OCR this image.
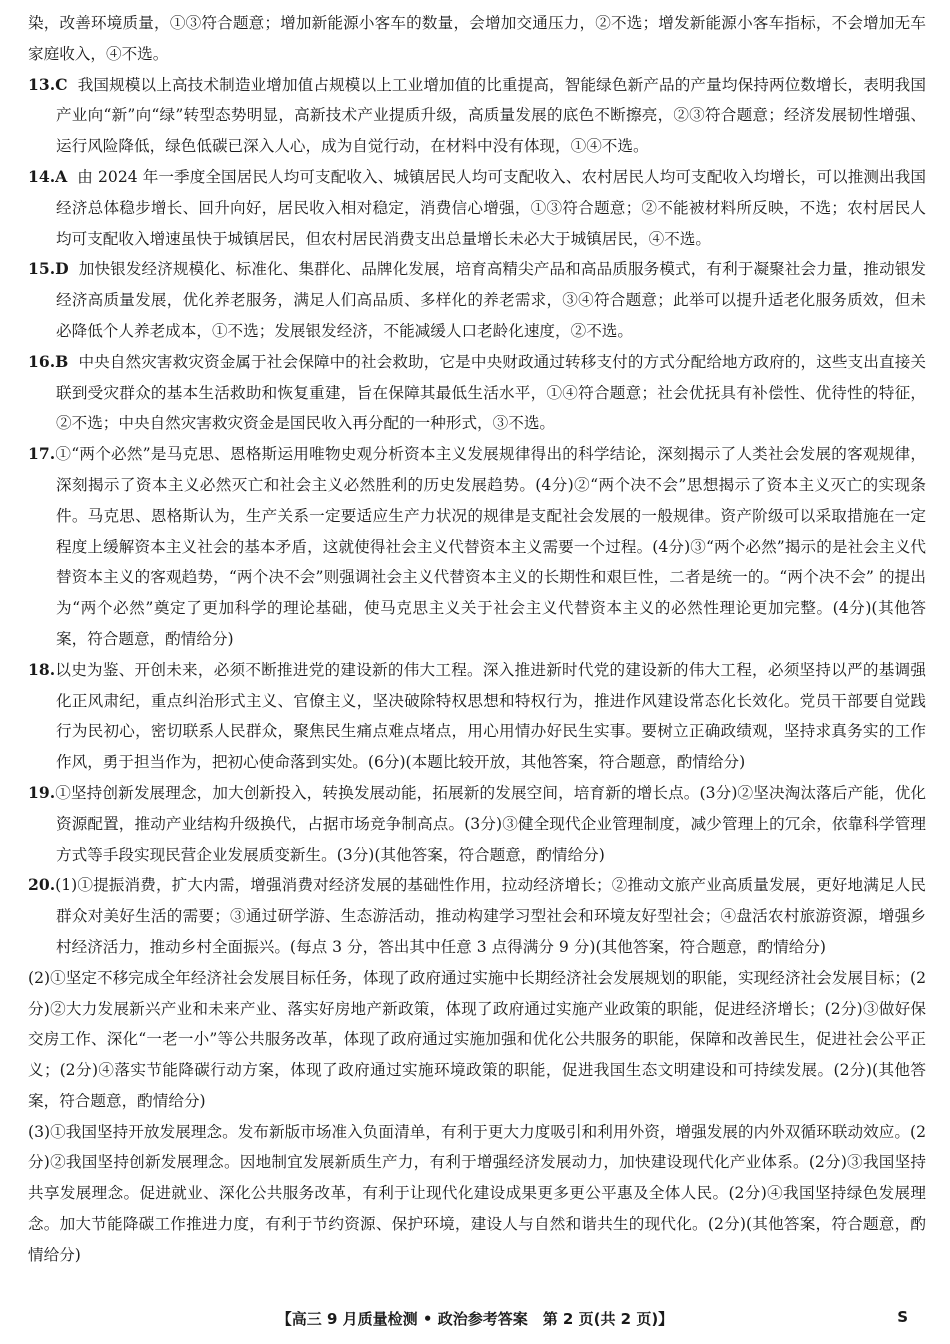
染，改善环境质量，①③符合题意；增加新能源小客车的数量，会增加交通压力，②不选；增发新能源小客车指标，不会增加无车家庭收入，④不选。

13.C 我国规模以上高技术制造业增加值占规模以上工业增加值的比重提高，智能绿色新产品的产量均保持两位数增长，表明我国产业向“新”向“绿”转型态势明显，高新技术产业提质升级，高质量发展的底色不断擦亮，②③符合题意；经济发展韧性增强、运行风险降低，绿色低碳已深入人心，成为自觉行动，在材料中没有体现，①④不选。

14.A 由 2024 年一季度全国居民人均可支配收入、城镇居民人均可支配收入、农村居民人均可支配收入均增长，可以推测出我国经济总体稳步增长、回升向好，居民收入相对稳定，消费信心增强，①③符合题意；②不能被材料所反映，不选；农村居民人均可支配收入增速虽快于城镇居民，但农村居民消费支出总量增长未必大于城镇居民，④不选。

15.D 加快银发经济规模化、标准化、集群化、品牌化发展，培育高精尖产品和高品质服务模式，有利于凝聚社会力量，推动银发经济高质量发展，优化养老服务，满足人们高品质、多样化的养老需求，③④符合题意；此举可以提升适老化服务质效，但未必降低个人养老成本，①不选；发展银发经济，不能减缓人口老龄化速度，②不选。

16.B 中央自然灾害救灾资金属于社会保障中的社会救助，它是中央财政通过转移支付的方式分配给地方政府的，这些支出直接关联到受灾群众的基本生活救助和恢复重建，旨在保障其最低生活水平，①④符合题意；社会优抚具有补偿性、优待性的特征，②不选；中央自然灾害救灾资金是国民收入再分配的一种形式，③不选。

17.①“两个必然”是马克思、恩格斯运用唯物史观分析资本主义发展规律得出的科学结论，深刻揭示了人类社会发展的客观规律，深刻揭示了资本主义必然灭亡和社会主义必然胜利的历史发展趋势。(4分)②“两个决不会”思想揭示了资本主义灭亡的实现条件。马克思、恩格斯认为，生产关系一定要适应生产力状况的规律是支配社会发展的一般规律。资产阶级可以采取措施在一定程度上缓解资本主义社会的基本矛盾，这就使得社会主义代替资本主义需要一个过程。(4分)③“两个必然”揭示的是社会主义代替资本主义的客观趋势，“两个决不会”则强调社会主义代替资本主义的长期性和艰巨性，二者是统一的。“两个决不会” 的提出为“两个必然”奠定了更加科学的理论基础，使马克思主义关于社会主义代替资本主义的必然性理论更加完整。(4分)(其他答案，符合题意，酌情给分)

18.以史为鉴、开创未来，必须不断推进党的建设新的伟大工程。深入推进新时代党的建设新的伟大工程，必须坚持以严的基调强化正风肃纪，重点纠治形式主义、官僚主义，坚决破除特权思想和特权行为，推进作风建设常态化长效化。党员干部要自觉践行为民初心，密切联系人民群众，聚焦民生痛点难点堵点，用心用情办好民生实事。要树立正确政绩观，坚持求真务实的工作作风，勇于担当作为，把初心使命落到实处。(6分)(本题比较开放，其他答案，符合题意，酌情给分)

19.①坚持创新发展理念，加大创新投入，转换发展动能，拓展新的发展空间，培育新的增长点。(3分)②坚决淘汰落后产能，优化资源配置，推动产业结构升级换代，占据市场竞争制高点。(3分)③健全现代企业管理制度，减少管理上的冗余，依靠科学管理方式等手段实现民营企业发展质变新生。(3分)(其他答案，符合题意，酌情给分)

20.(1)①提振消费，扩大内需，增强消费对经济发展的基础性作用，拉动经济增长；②推动文旅产业高质量发展，更好地满足人民群众对美好生活的需要；③通过研学游、生态游活动，推动构建学习型社会和环境友好型社会；④盘活农村旅游资源，增强乡村经济活力，推动乡村全面振兴。(每点 3 分，答出其中任意 3 点得满分 9 分)(其他答案，符合题意，酌情给分)

(2)①坚定不移完成全年经济社会发展目标任务，体现了政府通过实施中长期经济社会发展规划的职能，实现经济社会发展目标；(2分)②大力发展新兴产业和未来产业、落实好房地产新政策，体现了政府通过实施产业政策的职能，促进经济增长；(2分)③做好保交房工作、深化“一老一小”等公共服务改革，体现了政府通过实施加强和优化公共服务的职能，保障和改善民生，促进社会公平正义；(2分)④落实节能降碳行动方案，体现了政府通过实施环境政策的职能，促进我国生态文明建设和可持续发展。(2分)(其他答案，符合题意，酌情给分)

(3)①我国坚持开放发展理念。发布新版市场准入负面清单，有利于更大力度吸引和利用外资，增强发展的内外双循环联动效应。(2分)②我国坚持创新发展理念。因地制宜发展新质生产力，有利于增强经济发展动力，加快建设现代化产业体系。(2分)③我国坚持共享发展理念。促进就业、深化公共服务改革，有利于让现代化建设成果更多更公平惠及全体人民。(2分)④我国坚持绿色发展理念。加大节能降碳工作推进力度，有利于节约资源、保护环境，建设人与自然和谐共生的现代化。(2分)(其他答案，符合题意，酌情给分)

【高三 9 月质量检测 • 政治参考答案　第 2 页(共 2 页)】	S
